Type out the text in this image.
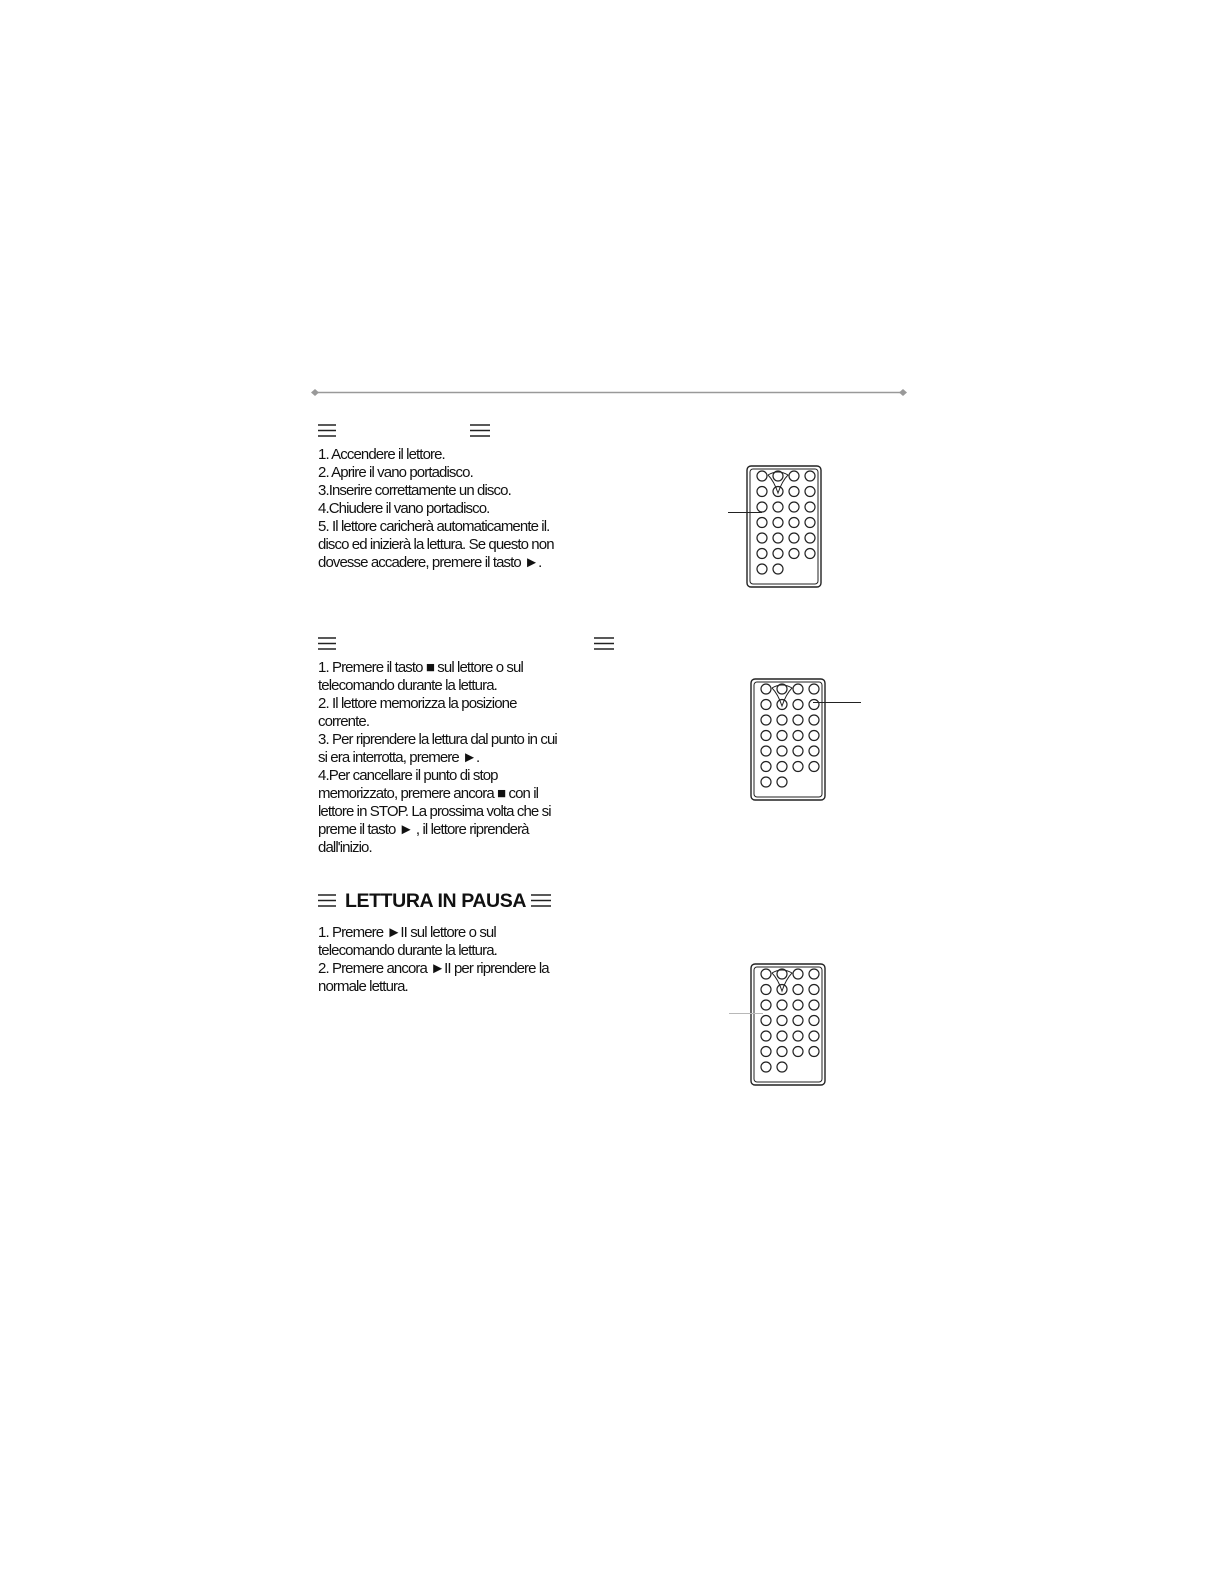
1. Accendere il lettore.
2. Aprire il vano portadisco.
3.Inserire correttamente un disco.
4.Chiudere il vano portadisco.
5. Il lettore caricherà automaticamente il.
disco ed inizierà la lettura. Se questo non
dovesse accadere, premere il tasto ►.
1. Premere il tasto ■ sul lettore o sul
telecomando durante la lettura.
2. Il lettore memorizza la posizione
corrente.
3. Per riprendere la lettura dal punto in cui
si era interrotta, premere ►.
4.Per cancellare il punto di stop
memorizzato, premere ancora ■ con il
lettore in STOP. La prossima volta che si
preme il tasto ► , il lettore riprenderà
dall'inizio.
LETTURA IN PAUSA
1. Premere ►II sul lettore o sul
telecomando durante la lettura.
2. Premere ancora ►II per riprendere la
normale lettura.
